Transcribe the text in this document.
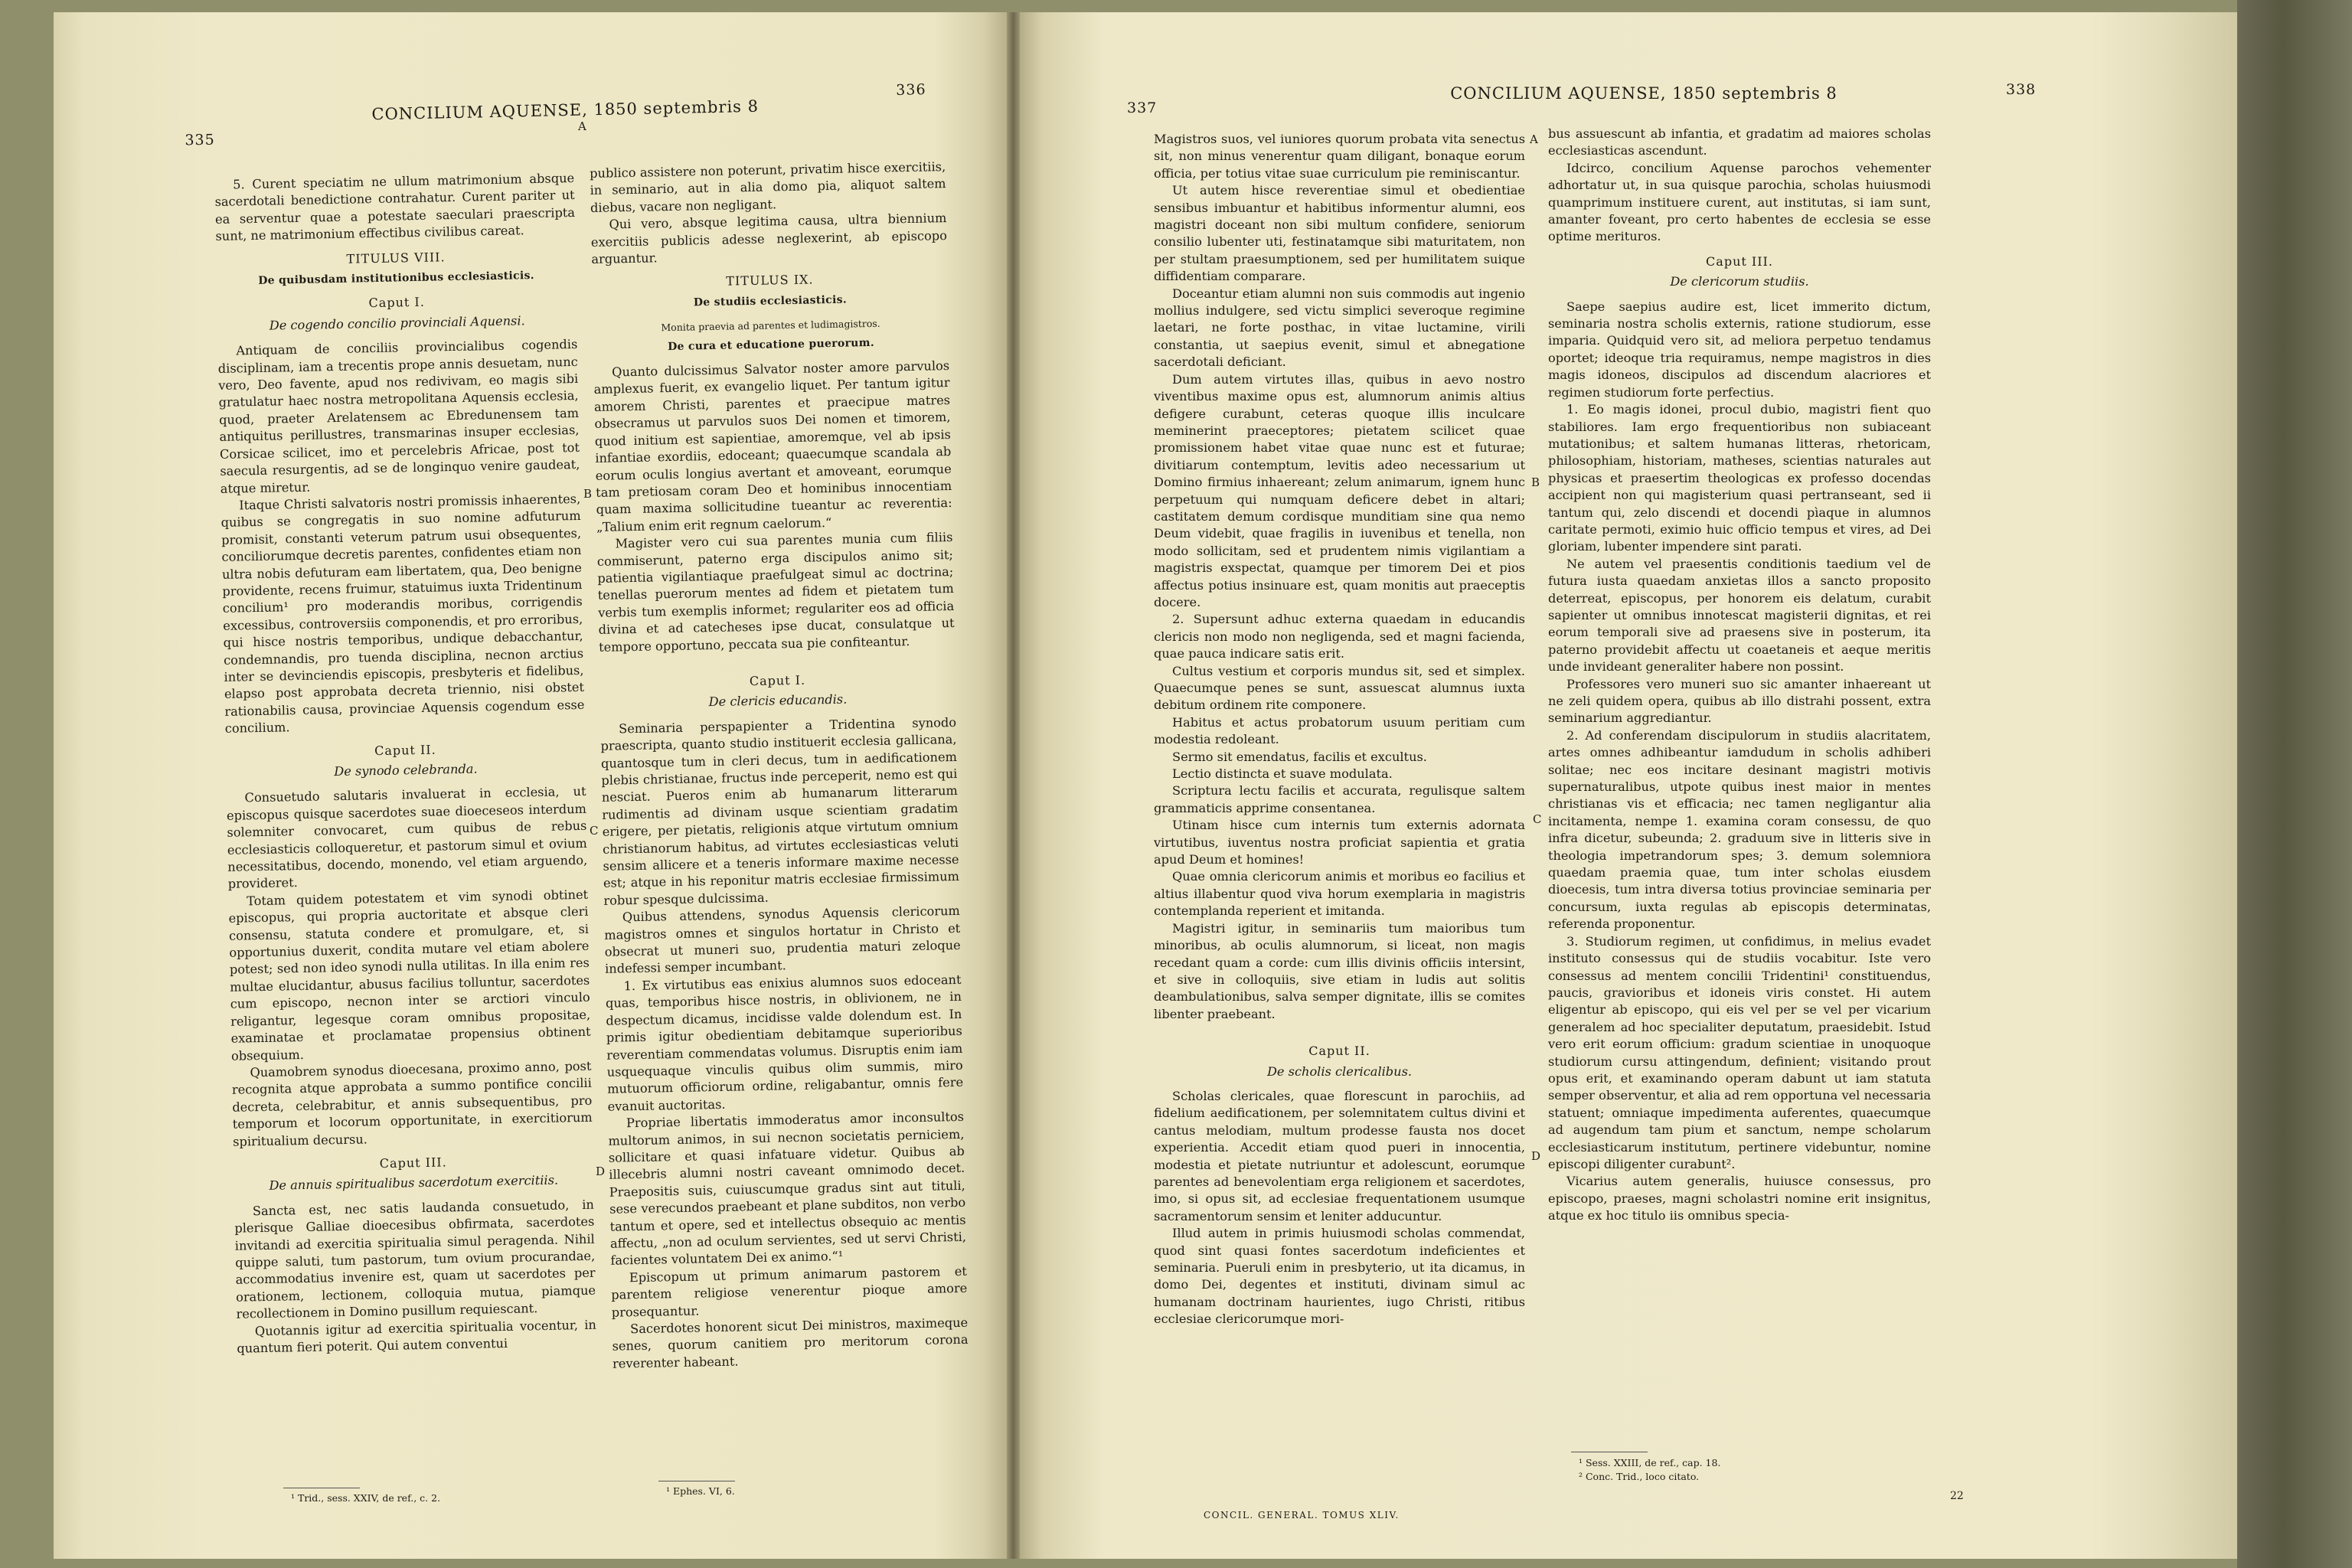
335
CONCILIUM AQUENSE, 1850 septembris 8
336

5. Curent speciatim ne ullum matrimonium absque sacerdotali benedictione contrahatur. Curent pariter ut ea serventur quae a potestate saeculari praescripta sunt, ne matrimonium effectibus civilibus careat.

TITULUS VIII.
De quibusdam institutionibus ecclesiasticis.
Caput I.
De cogendo concilio provinciali Aquensi.

Antiquam de conciliis provincialibus cogendis disciplinam, iam a trecentis prope annis desuetam, nunc vero, Deo favente, apud nos redivivam, eo magis sibi gratulatur haec nostra metropolitana Aquensis ecclesia, quod, praeter Arelatensem ac Ebredunensem tam antiquitus perillustres, transmarinas insuper ecclesias, Corsicae scilicet, imo et percelebris Africae, post tot saecula resurgentis, ad se de longinquo venire gaudeat, atque miretur.

Itaque Christi salvatoris nostri promissis inhaerentes, quibus se congregatis in suo nomine adfuturum promisit, constanti veterum patrum usui obsequentes, conciliorumque decretis parentes, confidentes etiam non ultra nobis defuturam eam libertatem, qua, Deo benigne providente, recens fruimur, statuimus iuxta Tridentinum concilium¹ pro moderandis moribus, corrigendis excessibus, controversiis componendis, et pro erroribus, qui hisce nostris temporibus, undique debacchantur, condemnandis, pro tuenda disciplina, necnon arctius inter se devinciendis episcopis, presbyteris et fidelibus, elapso post approbata decreta triennio, nisi obstet rationabilis causa, provinciae Aquensis cogendum esse concilium.

Caput II.
De synodo celebranda.

Consuetudo salutaris invaluerat in ecclesia, ut episcopus quisque sacerdotes suae dioeceseos interdum solemniter convocaret, cum quibus de rebus ecclesiasticis colloqueretur, et pastorum simul et ovium necessitatibus, docendo, monendo, vel etiam arguendo, provideret.

Totam quidem potestatem et vim synodi obtinet episcopus, qui propria auctoritate et absque cleri consensu, statuta condere et promulgare, et, si opportunius duxerit, condita mutare vel etiam abolere potest; sed non ideo synodi nulla utilitas. In illa enim res multae elucidantur, abusus facilius tolluntur, sacerdotes cum episcopo, necnon inter se arctiori vinculo religantur, legesque coram omnibus propositae, examinatae et proclamatae propensius obtinent obsequium.

Quamobrem synodus dioecesana, proximo anno, post recognita atque approbata a summo pontifice concilii decreta, celebrabitur, et annis subsequentibus, pro temporum et locorum opportunitate, in exercitiorum spiritualium decursu.

Caput III.
De annuis spiritualibus sacerdotum exercitiis.

Sancta est, nec satis laudanda consuetudo, in plerisque Galliae dioecesibus obfirmata, sacerdotes invitandi ad exercitia spiritualia simul peragenda. Nihil quippe saluti, tum pastorum, tum ovium procurandae, accommodatius invenire est, quam ut sacerdotes per orationem, lectionem, colloquia mutua, piamque recollectionem in Domino pusillum requiescant.

Quotannis igitur ad exercitia spiritualia vocentur, in quantum fieri poterit. Qui autem conventui

publico assistere non poterunt, privatim hisce exercitiis, in seminario, aut in alia domo pia, aliquot saltem diebus, vacare non negligant.

Qui vero, absque legitima causa, ultra biennium exercitiis publicis adesse neglexerint, ab episcopo arguantur.

TITULUS IX.
De studiis ecclesiasticis.
Monita praevia ad parentes et ludimagistros.
De cura et educatione puerorum.

Quanto dulcissimus Salvator noster amore parvulos amplexus fuerit, ex evangelio liquet. Per tantum igitur amorem Christi, parentes et praecipue matres obsecramus ut parvulos suos Dei nomen et timorem, quod initium est sapientiae, amoremque, vel ab ipsis infantiae exordiis, edoceant; quaecumque scandala ab eorum oculis longius avertant et amoveant, eorumque tam pretiosam coram Deo et hominibus innocentiam quam maxima sollicitudine tueantur ac reverentia: „Talium enim erit regnum caelorum.“

Magister vero cui sua parentes munia cum filiis commiserunt, paterno erga discipulos animo sit; patientia vigilantiaque praefulgeat simul ac doctrina; tenellas puerorum mentes ad fidem et pietatem tum verbis tum exemplis informet; regulariter eos ad officia divina et ad catecheses ipse ducat, consulatque ut tempore opportuno, peccata sua pie confiteantur.

Caput I.
De clericis educandis.

Seminaria perspapienter a Tridentina synodo praescripta, quanto studio instituerit ecclesia gallicana, quantosque tum in cleri decus, tum in aedificationem plebis christianae, fructus inde perceperit, nemo est qui nesciat. Pueros enim ab humanarum litterarum rudimentis ad divinam usque scientiam gradatim erigere, per pietatis, religionis atque virtutum omnium christianorum habitus, ad virtutes ecclesiasticas veluti sensim allicere et a teneris informare maxime necesse est; atque in his reponitur matris ecclesiae firmissimum robur spesque dulcissima.

Quibus attendens, synodus Aquensis clericorum magistros omnes et singulos hortatur in Christo et obsecrat ut muneri suo, prudentia maturi zeloque indefessi semper incumbant.

1. Ex virtutibus eas enixius alumnos suos edoceant quas, temporibus hisce nostris, in oblivionem, ne in despectum dicamus, incidisse valde dolendum est. In primis igitur obedientiam debitamque superioribus reverentiam commendatas volumus. Disruptis enim iam usquequaque vinculis quibus olim summis, miro mutuorum officiorum ordine, religabantur, omnis fere evanuit auctoritas.

Propriae libertatis immoderatus amor inconsultos multorum animos, in sui necnon societatis perniciem, sollicitare et quasi infatuare videtur. Quibus ab illecebris alumni nostri caveant omnimodo decet. Praepositis suis, cuiuscumque gradus sint aut tituli, sese verecundos praebeant et plane subditos, non verbo tantum et opere, sed et intellectus obsequio ac mentis affectu, „non ad oculum servientes, sed ut servi Christi, facientes voluntatem Dei ex animo.“¹

Episcopum ut primum animarum pastorem et parentem religiose venerentur pioque amore prosequantur.

Sacerdotes honorent sicut Dei ministros, maximeque senes, quorum canitiem pro meritorum corona reverenter habeant.

A
B
C
D
¹ Trid., sess. XXIV, de ref., c. 2.
¹ Ephes. VI, 6.
337
CONCILIUM AQUENSE, 1850 septembris 8	338

Magistros suos, vel iuniores quorum probata vita senectus sit, non minus venerentur quam diligant, bonaque eorum officia, per totius vitae suae curriculum pie reminiscantur.

Ut autem hisce reverentiae simul et obedientiae sensibus imbuantur et habitibus informentur alumni, eos magistri doceant non sibi multum confidere, seniorum consilio lubenter uti, festinatamque sibi maturitatem, non per stultam praesumptionem, sed per humilitatem suique diffidentiam comparare.

Doceantur etiam alumni non suis commodis aut ingenio mollius indulgere, sed victu simplici severoque regimine laetari, ne forte posthac, in vitae luctamine, virili constantia, ut saepius evenit, simul et abnegatione sacerdotali deficiant.

Dum autem virtutes illas, quibus in aevo nostro viventibus maxime opus est, alumnorum animis altius defigere curabunt, ceteras quoque illis inculcare meminerint praeceptores; pietatem scilicet quae promissionem habet vitae quae nunc est et futurae; divitiarum contemptum, levitis adeo necessarium ut Domino firmius inhaereant; zelum animarum, ignem hunc perpetuum qui numquam deficere debet in altari; castitatem demum cordisque munditiam sine qua nemo Deum videbit, quae fragilis in iuvenibus et tenella, non modo sollicitam, sed et prudentem nimis vigilantiam a magistris exspectat, quamque per timorem Dei et pios affectus potius insinuare est, quam monitis aut praeceptis docere.

2. Supersunt adhuc externa quaedam in educandis clericis non modo non negligenda, sed et magni facienda, quae pauca indicare satis erit.

Cultus vestium et corporis mundus sit, sed et simplex. Quaecumque penes se sunt, assuescat alumnus iuxta debitum ordinem rite componere.

Habitus et actus probatorum usuum peritiam cum modestia redoleant.

Sermo sit emendatus, facilis et excultus.

Lectio distincta et suave modulata.

Scriptura lectu facilis et accurata, regulisque saltem grammaticis apprime consentanea.

Utinam hisce cum internis tum externis adornata virtutibus, iuventus nostra proficiat sapientia et gratia apud Deum et homines!

Quae omnia clericorum animis et moribus eo facilius et altius illabentur quod viva horum exemplaria in magistris contemplanda reperient et imitanda.

Magistri igitur, in seminariis tum maioribus tum minoribus, ab oculis alumnorum, si liceat, non magis recedant quam a corde: cum illis divinis officiis intersint, et sive in colloquiis, sive etiam in ludis aut solitis deambulationibus, salva semper dignitate, illis se comites libenter praebeant.

Caput II.
De scholis clericalibus.

Scholas clericales, quae florescunt in parochiis, ad fidelium aedificationem, per solemnitatem cultus divini et cantus melodiam, multum prodesse fausta nos docet experientia. Accedit etiam quod pueri in innocentia, modestia et pietate nutriuntur et adolescunt, eorumque parentes ad benevolentiam erga religionem et sacerdotes, imo, si opus sit, ad ecclesiae frequentationem usumque sacramentorum sensim et leniter adducuntur.

Illud autem in primis huiusmodi scholas commendat, quod sint quasi fontes sacerdotum indeficientes et seminaria. Pueruli enim in presbyterio, ut ita dicamus, in domo Dei, degentes et instituti, divinam simul ac humanam doctrinam haurientes, iugo Christi, ritibus ecclesiae clericorumque mori-

bus assuescunt ab infantia, et gradatim ad maiores scholas ecclesiasticas ascendunt.

Idcirco, concilium Aquense parochos vehementer adhortatur ut, in sua quisque parochia, scholas huiusmodi quamprimum instituere curent, aut institutas, si iam sunt, amanter foveant, pro certo habentes de ecclesia se esse optime merituros.

Caput III.
De clericorum studiis.

Saepe saepius audire est, licet immerito dictum, seminaria nostra scholis externis, ratione studiorum, esse imparia. Quidquid vero sit, ad meliora perpetuo tendamus oportet; ideoque tria requiramus, nempe magistros in dies magis idoneos, discipulos ad discendum alacriores et regimen studiorum forte perfectius.

1. Eo magis idonei, procul dubio, magistri fient quo stabiliores. Iam ergo frequentioribus non subiaceant mutationibus; et saltem humanas litteras, rhetoricam, philosophiam, historiam, matheses, scientias naturales aut physicas et praesertim theologicas ex professo docendas accipient non qui magisterium quasi pertranseant, sed ii tantum qui, zelo discendi et docendi pìaque in alumnos caritate permoti, eximio huic officio tempus et vires, ad Dei gloriam, lubenter impendere sint parati.

Ne autem vel praesentis conditionis taedium vel de futura iusta quaedam anxietas illos a sancto proposito deterreat, episcopus, per honorem eis delatum, curabit sapienter ut omnibus innotescat magisterii dignitas, et rei eorum temporali sive ad praesens sive in posterum, ita paterno providebit affectu ut coaetaneis et aeque meritis unde invideant generaliter habere non possint.

Professores vero muneri suo sic amanter inhaereant ut ne zeli quidem opera, quibus ab illo distrahi possent, extra seminarium aggrediantur.

2. Ad conferendam discipulorum in studiis alacritatem, artes omnes adhibeantur iamdudum in scholis adhiberi solitae; nec eos incitare desinant magistri motivis supernaturalibus, utpote quibus inest maior in mentes christianas vis et efficacia; nec tamen negligantur alia incitamenta, nempe 1. examina coram consessu, de quo infra dicetur, subeunda; 2. graduum sive in litteris sive in theologia impetrandorum spes; 3. demum solemniora quaedam praemia quae, tum inter scholas eiusdem dioecesis, tum intra diversa totius provinciae seminaria per concursum, iuxta regulas ab episcopis determinatas, referenda proponentur.

3. Studiorum regimen, ut confidimus, in melius evadet instituto consessus qui de studiis vocabitur. Iste vero consessus ad mentem concilii Tridentini¹ constituendus, paucis, gravioribus et idoneis viris constet. Hi autem eligentur ab episcopo, qui eis vel per se vel per vicarium generalem ad hoc specialiter deputatum, praesidebit. Istud vero erit eorum officium: gradum scientiae in unoquoque studiorum cursu attingendum, definient; visitando prout opus erit, et examinando operam dabunt ut iam statuta semper observentur, et alia ad rem opportuna vel necessaria statuent; omniaque impedimenta auferentes, quaecumque ad augendum tam pium et sanctum, nempe scholarum ecclesiasticarum institutum, pertinere videbuntur, nomine episcopi diligenter curabunt².

Vicarius autem generalis, huiusce consessus, pro episcopo, praeses, magni scholastri nomine erit insignitus, atque ex hoc titulo iis omnibus specia-

A
B
C
D
CONCIL. GENERAL. TOMUS XLIV.
¹ Sess. XXIII, de ref., cap. 18.
² Conc. Trid., loco citato.
22
